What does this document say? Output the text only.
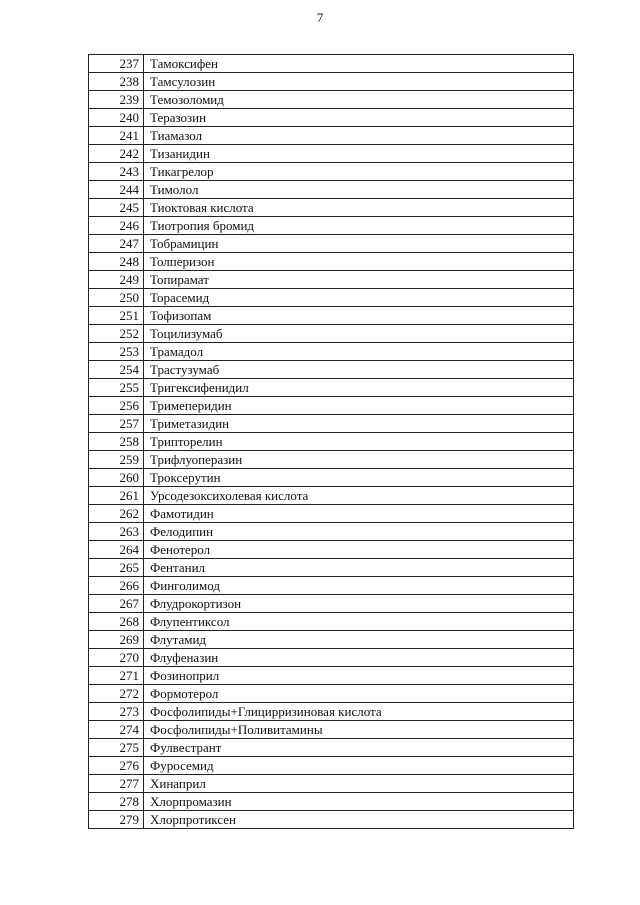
7
237	Тамоксифен
238	Тамсулозин
239	Темозоломид
240	Теразозин
241	Тиамазол
242	Тизанидин
243	Тикагрелор
244	Тимолол
245	Тиоктовая кислота
246	Тиотропия бромид
247	Тобрамицин
248	Толперизон
249	Топирамат
250	Торасемид
251	Тофизопам
252	Тоцилизумаб
253	Трамадол
254	Трастузумаб
255	Тригексифенидил
256	Тримеперидин
257	Триметазидин
258	Трипторелин
259	Трифлуоперазин
260	Троксерутин
261	Урсодезоксихолевая кислота
262	Фамотидин
263	Фелодипин
264	Фенотерол
265	Фентанил
266	Финголимод
267	Флудрокортизон
268	Флупентиксол
269	Флутамид
270	Флуфеназин
271	Фозиноприл
272	Формотерол
273	Фосфолипиды+Глицирризиновая кислота
274	Фосфолипиды+Поливитамины
275	Фулвестрант
276	Фуросемид
277	Хинаприл
278	Хлорпромазин
279	Хлорпротиксен
